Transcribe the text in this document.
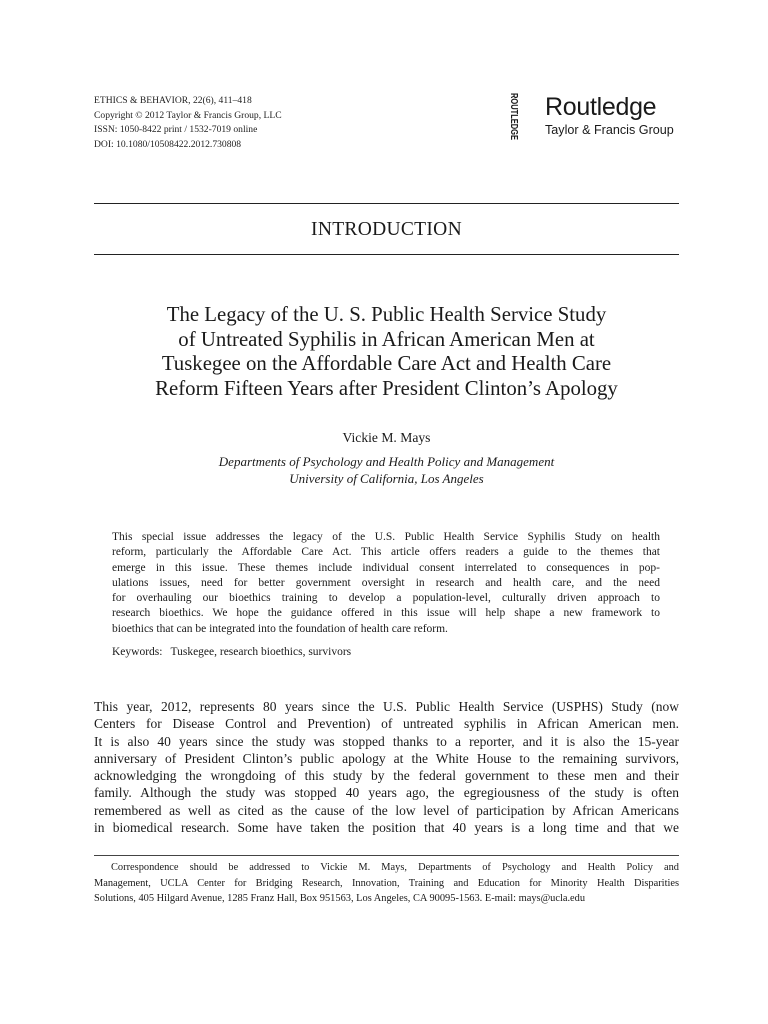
ETHICS & BEHAVIOR, 22(6), 411–418
Copyright © 2012 Taylor & Francis Group, LLC
ISSN: 1050-8422 print / 1532-7019 online
DOI: 10.1080/10508422.2012.730808	ROUTLEDGE Routledge
Taylor & Francis Group
INTRODUCTION
The Legacy of the U. S. Public Health Service Study
of Untreated Syphilis in African American Men at
Tuskegee on the Affordable Care Act and Health Care
Reform Fifteen Years after President Clinton’s Apology
Vickie M. Mays
Departments of Psychology and Health Policy and Management
University of California, Los Angeles
This special issue addresses the legacy of the U.S. Public Health Service Syphilis Study on health
reform, particularly the Affordable Care Act. This article offers readers a guide to the themes that
emerge in this issue. These themes include individual consent interrelated to consequences in pop-
ulations issues, need for better government oversight in research and health care, and the need
for overhauling our bioethics training to develop a population-level, culturally driven approach to
research bioethics. We hope the guidance offered in this issue will help shape a new framework to
bioethics that can be integrated into the foundation of health care reform.
Keywords: Tuskegee, research bioethics, survivors
This year, 2012, represents 80 years since the U.S. Public Health Service (USPHS) Study (now
Centers for Disease Control and Prevention) of untreated syphilis in African American men.
It is also 40 years since the study was stopped thanks to a reporter, and it is also the 15-year
anniversary of President Clinton’s public apology at the White House to the remaining survivors,
acknowledging the wrongdoing of this study by the federal government to these men and their
family. Although the study was stopped 40 years ago, the egregiousness of the study is often
remembered as well as cited as the cause of the low level of participation by African Americans
in biomedical research. Some have taken the position that 40 years is a long time and that we
Correspondence should be addressed to Vickie M. Mays, Departments of Psychology and Health Policy and
Management, UCLA Center for Bridging Research, Innovation, Training and Education for Minority Health Disparities
Solutions, 405 Hilgard Avenue, 1285 Franz Hall, Box 951563, Los Angeles, CA 90095-1563. E-mail: mays@ucla.edu
